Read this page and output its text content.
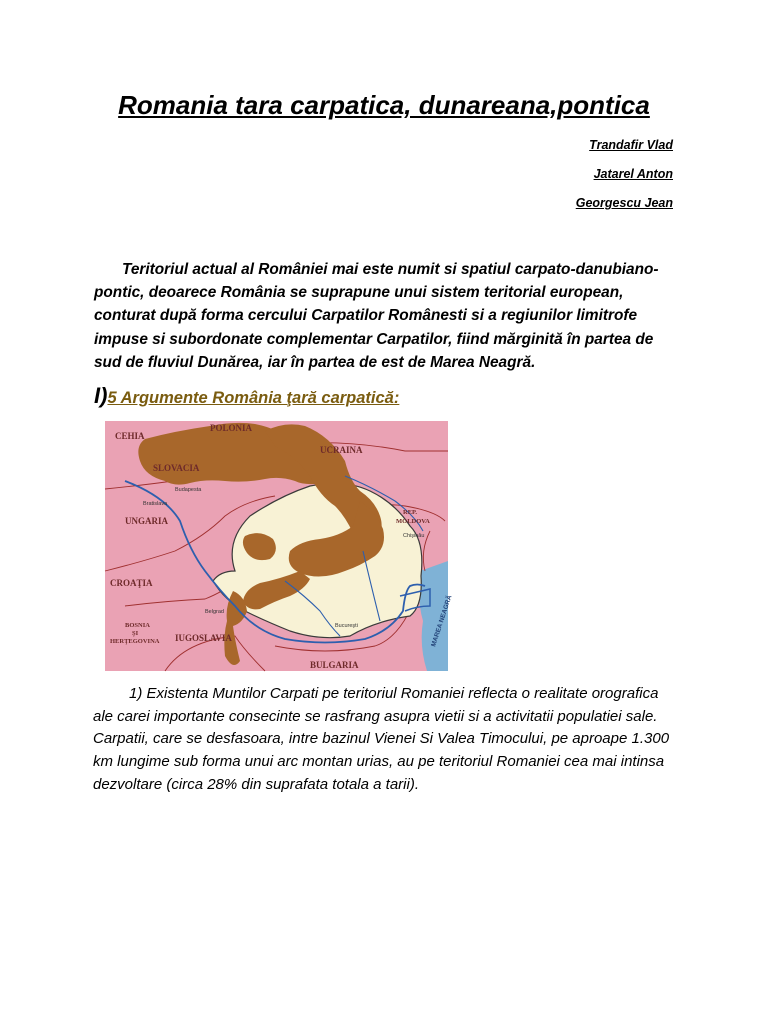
Romania tara carpatica, dunareana,pontica
Trandafir Vlad
Jatarel Anton
Georgescu Jean

Teritoriul actual al României mai este numit si spatiul carpato-danubiano-pontic, deoarece România se suprapune unui sistem teritorial european, conturat după forma cercului Carpatilor Românesti si a regiunilor limitrofe impuse si subordonate complementar Carpatilor, fiind mărginită în partea de sud de fluviul Dunărea, iar în partea de est de Marea Neagră.

I)5 Argumente România ţară carpatică:
POLONIA
CEHIA
UCRAINA
SLOVACIA
UNGARIA
REP.
MOLDOVA
CROAŢIA
BOSNIA
ŞI
HERŢEGOVINA IUGOSLAVIA
BULGARIA
MAREA NEAGRĂ
Budapesta
Bratislava
Chişinău
Belgrad
Bucureşti

1) Existenta Muntilor Carpati pe teritoriul Romaniei reflecta o realitate orografica ale carei importante consecinte se rasfrang asupra vietii si a activitatii populatiei sale. Carpatii, care se desfasoara, intre bazinul Vienei Si Valea Timocului, pe aproape 1.300 km lungime sub forma unui arc montan urias, au pe teritoriul Romaniei cea mai intinsa dezvoltare (circa 28% din suprafata totala a tarii).
